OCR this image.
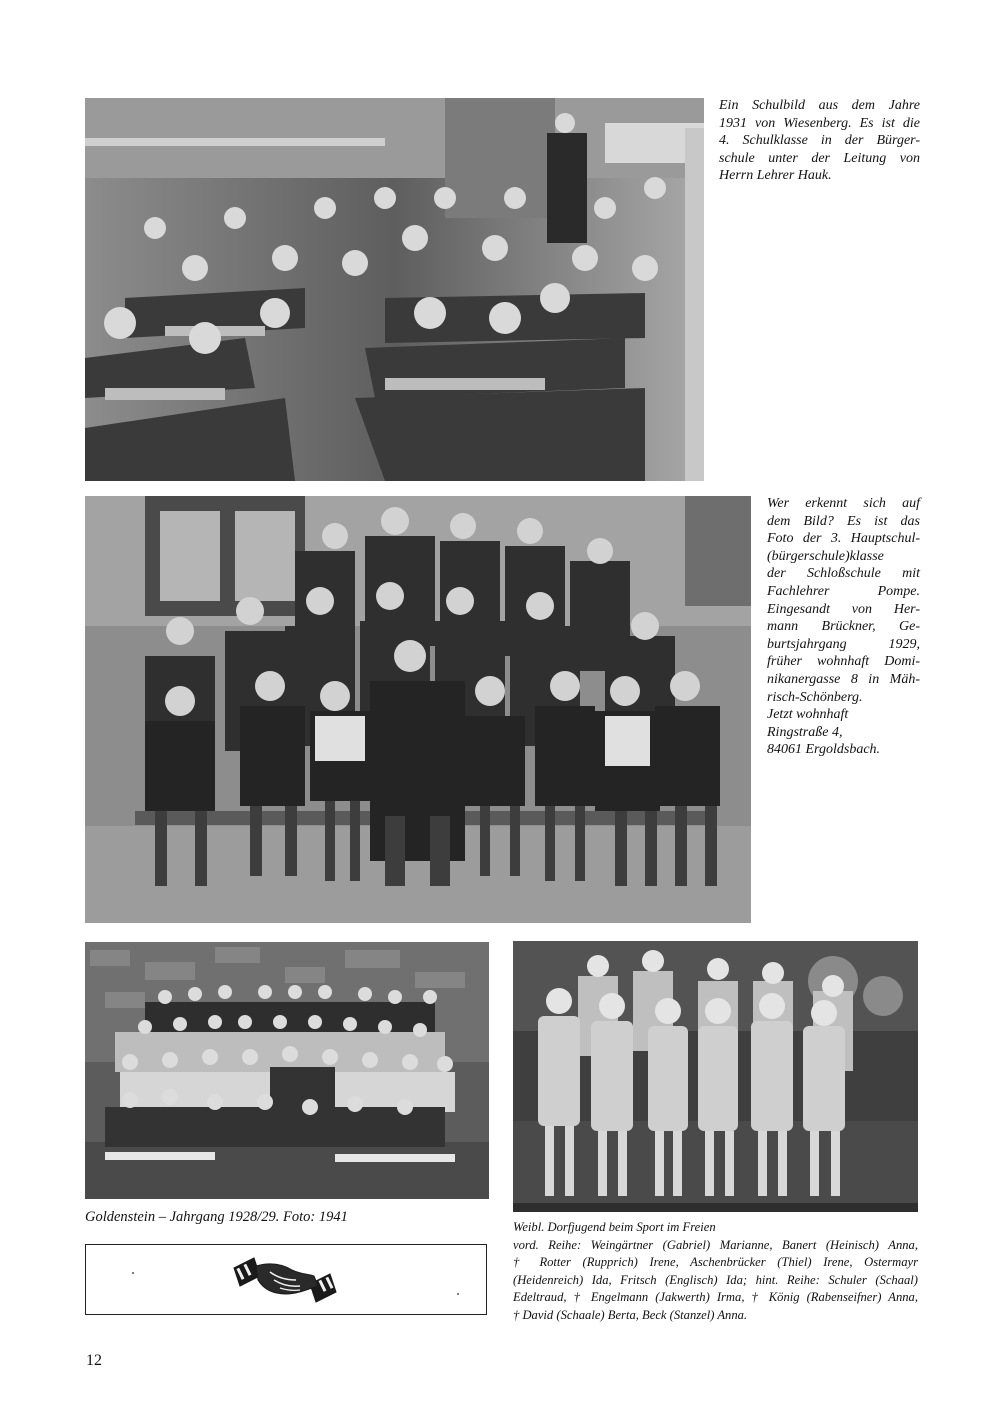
Ein Schulbild aus dem Jahre

1931 von Wiesenberg. Es ist die

4. Schulklasse in der Bürger-

schule unter der Leitung von

Herrn Lehrer Hauk.

Wer erkennt sich auf

dem Bild? Es ist das

Foto der 3. Hauptschul-

(bürgerschule)klasse

der Schloßschule mit

Fachlehrer Pompe.

Eingesandt von Her-

mann Brückner, Ge-

burtsjahrgang 1929,

früher wohnhaft Domi-

nikanergasse 8 in Mäh-

risch-Schönberg.

Jetzt wohnhaft

Ringstraße 4,

84061 Ergoldsbach.

Goldenstein – Jahrgang 1928/29. Foto: 1941

Weibl. Dorfjugend beim Sport im Freien

vord. Reihe: Weingärtner (Gabriel) Marianne, Banert (Heinisch) Anna,

† Rotter (Rupprich) Irene, Aschenbrücker (Thiel) Irene, Ostermayr

(Heidenreich) Ida, Fritsch (Englisch) Ida; hint. Reihe: Schuler (Schaal)

Edeltraud, † Engelmann (Jakwerth) Irma, † König (Rabenseifner) Anna,

† David (Schaale) Berta, Beck (Stanzel) Anna.

12
